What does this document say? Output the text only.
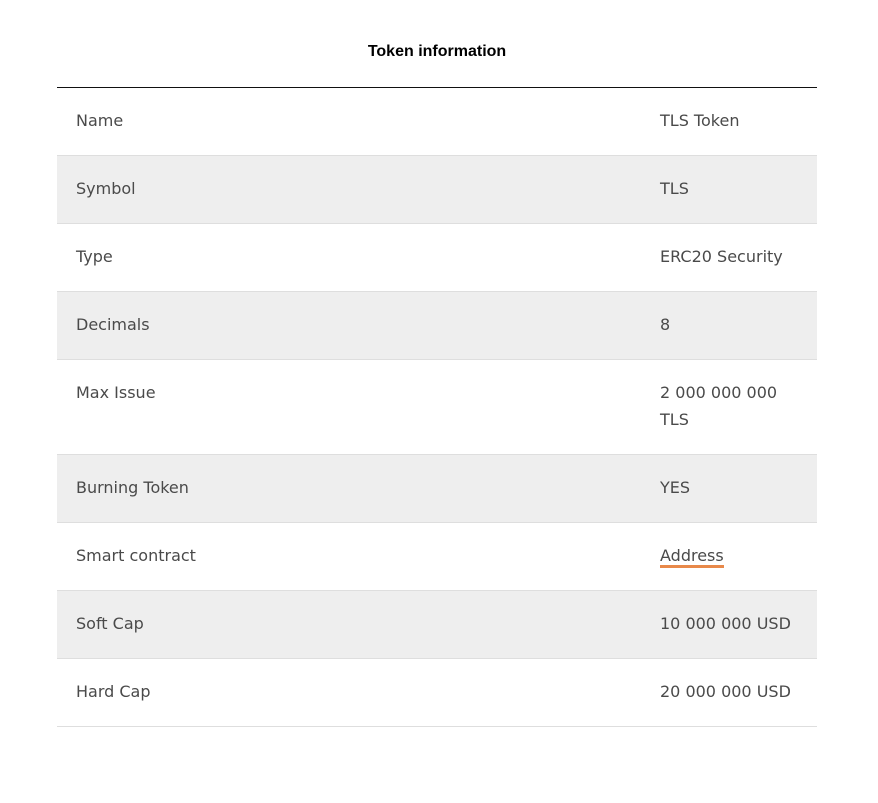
Token information
Name	TLS Token
Symbol	TLS
Type	ERC20 Security
Decimals	8
Max Issue	2 000 000 000 TLS
Burning Token	YES
Smart contract	Address
Soft Cap	10 000 000 USD
Hard Cap	20 000 000 USD
